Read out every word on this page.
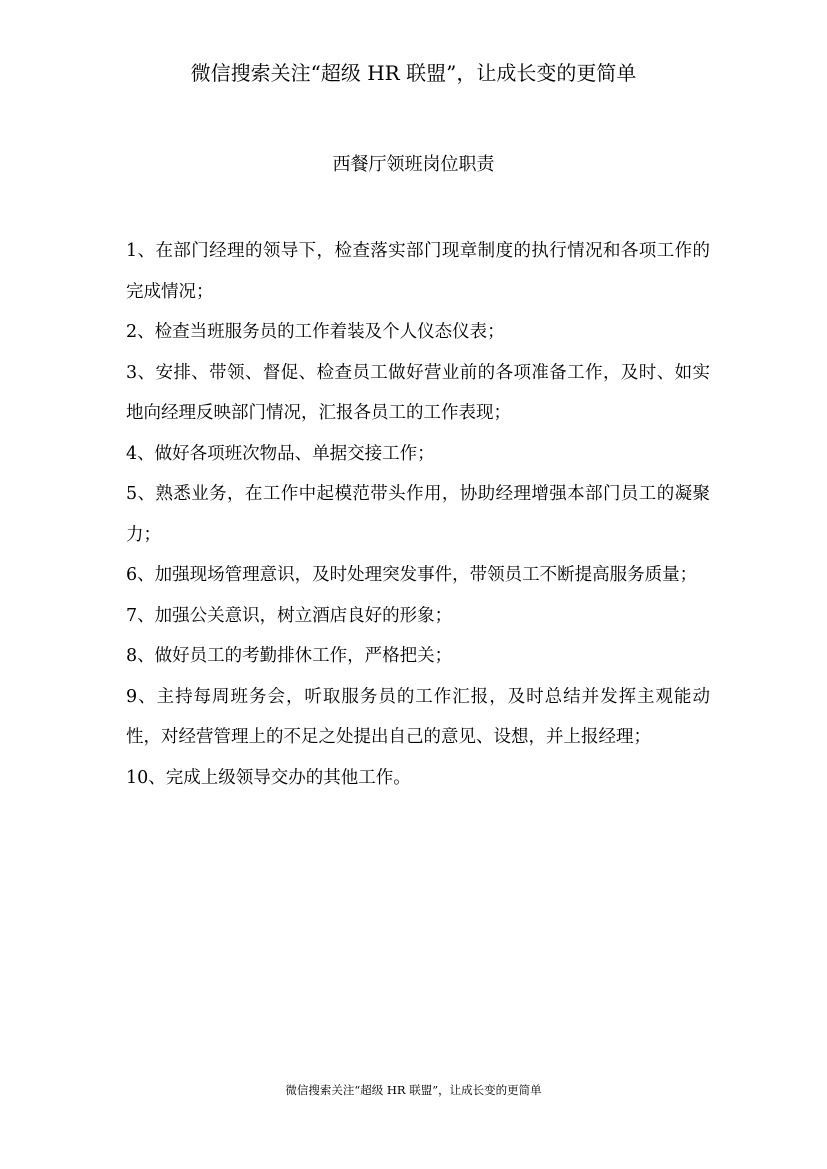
微信搜索关注“超级 HR 联盟”，让成长变的更简单
西餐厅领班岗位职责
1、在部门经理的领导下，检查落实部门现章制度的执行情况和各项工作的完成情况；
2、检查当班服务员的工作着装及个人仪态仪表；
3、安排、带领、督促、检查员工做好营业前的各项准备工作，及时、如实地向经理反映部门情况，汇报各员工的工作表现；
4、做好各项班次物品、单据交接工作；
5、熟悉业务，在工作中起模范带头作用，协助经理增强本部门员工的凝聚力；
6、加强现场管理意识，及时处理突发事件，带领员工不断提高服务质量；
7、加强公关意识，树立酒店良好的形象；
8、做好员工的考勤排休工作，严格把关；
9、主持每周班务会，听取服务员的工作汇报，及时总结并发挥主观能动性，对经营管理上的不足之处提出自己的意见、设想，并上报经理；
10、完成上级领导交办的其他工作。
微信搜索关注“超级 HR 联盟”，让成长变的更简单
